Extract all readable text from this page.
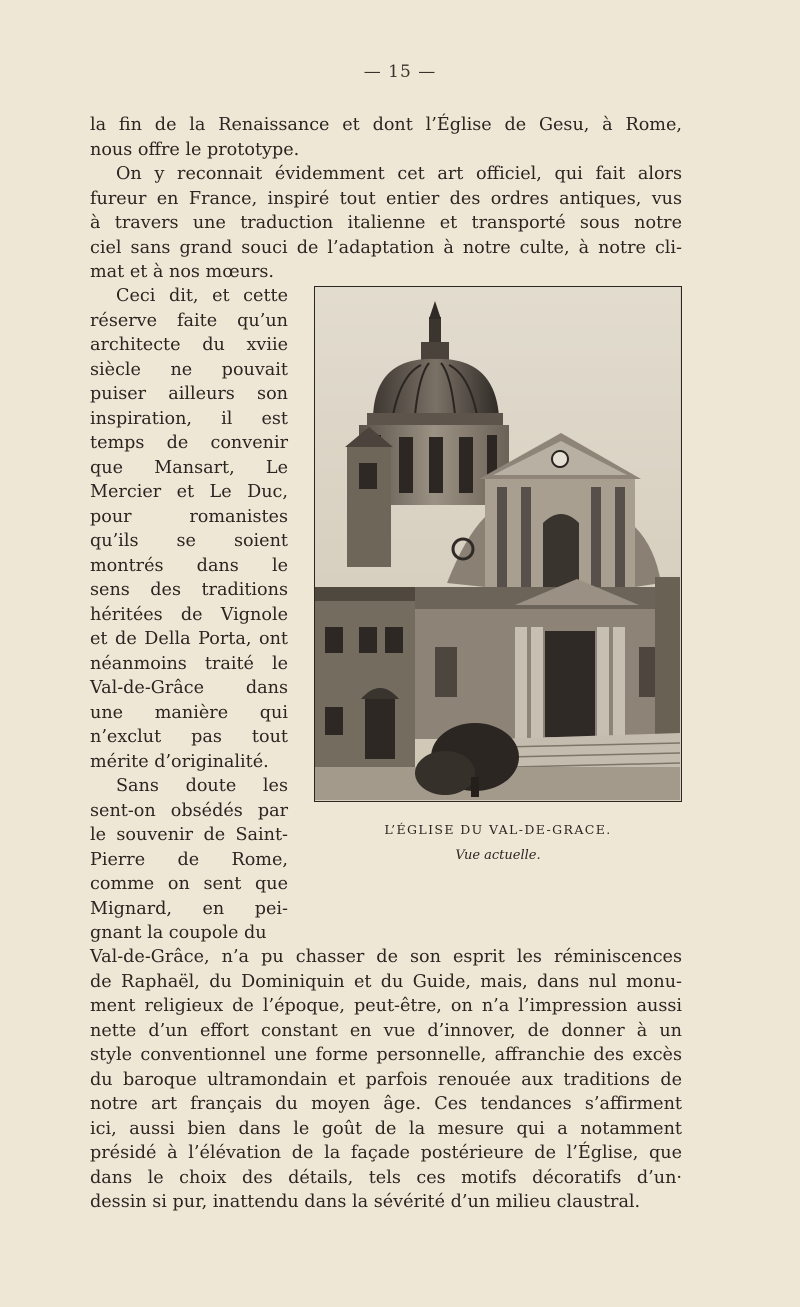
— 15 —

la fin de la Renaissance et dont l’Église de Gesu, à Rome,
nous offre le prototype.

On y reconnait évidemment cet art officiel, qui fait alors
fureur en France, inspiré tout entier des ordres antiques, vus
à travers une traduction italienne et transporté sous notre
ciel sans grand souci de l’adaptation à notre culte, à notre cli-
mat et à nos mœurs.

Ceci dit, et cette
réserve faite qu’un
architecte du xviie
siècle ne pouvait
puiser ailleurs son
inspiration, il est
temps de convenir
que Mansart, Le
Mercier et Le Duc,
pour romanistes
qu’ils se soient
montrés dans le
sens des traditions
héritées de Vignole
et de Della Porta, ont
néanmoins traité le
Val-de-Grâce dans
une manière qui
n’exclut pas tout
mérite d’originalité.

Sans doute les
sent-on obsédés par
le souvenir de Saint-
Pierre de Rome,
comme on sent que
Mignard, en pei-
gnant la coupole du

Val-de-Grâce, n’a pu chasser de son esprit les réminiscences
de Raphaël, du Dominiquin et du Guide, mais, dans nul monu-
ment religieux de l’époque, peut-être, on n’a l’impression aussi
nette d’un effort constant en vue d’innover, de donner à un
style conventionnel une forme personnelle, affranchie des excès
du baroque ultramondain et parfois renouée aux traditions de
notre art français du moyen âge. Ces tendances s’affirment
ici, aussi bien dans le goût de la mesure qui a notamment
présidé à l’élévation de la façade postérieure de l’Église, que
dans le choix des détails, tels ces motifs décoratifs d’un·
dessin si pur, inattendu dans la sévérité d’un milieu claustral.

L’ÉGLISE DU VAL-DE-GRACE.
Vue actuelle.
